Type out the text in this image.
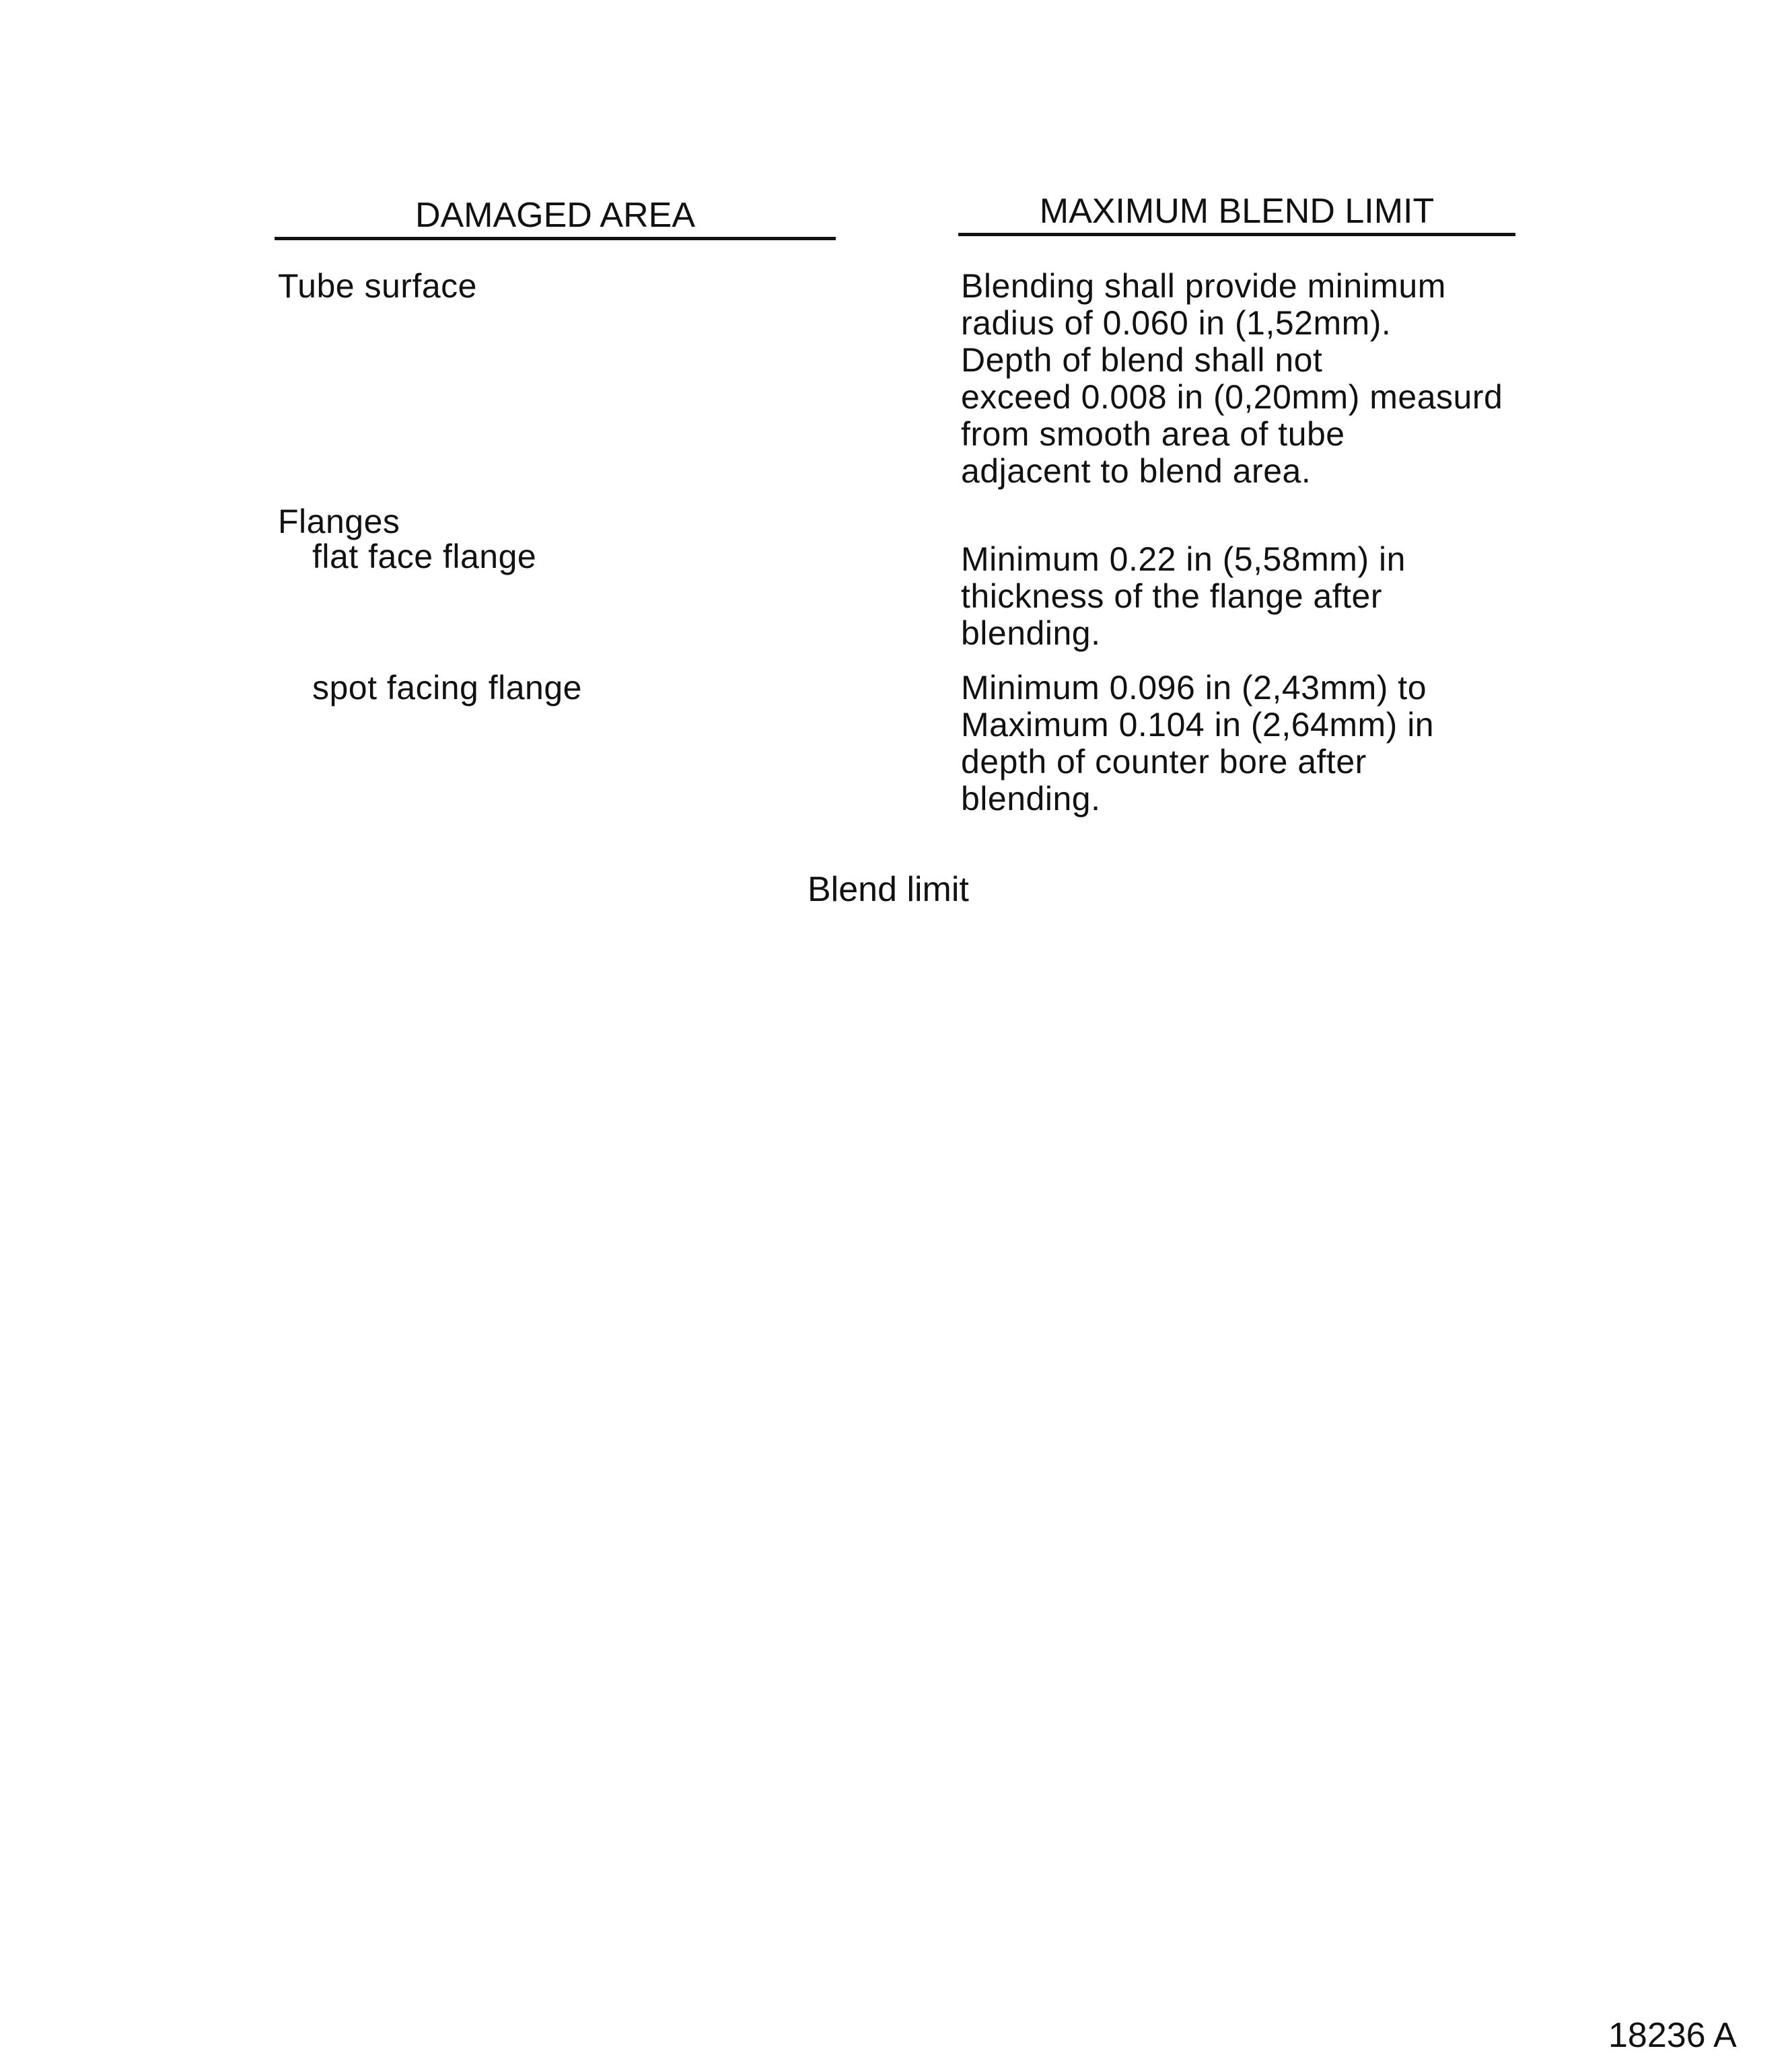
DAMAGED AREA	MAXIMUM BLEND LIMIT
Tube surface
Flanges
flat face flange
spot facing flange
Blending shall provide minimum
radius of 0.060 in (1,52mm).
Depth of blend shall not
exceed 0.008 in (0,20mm) measurd
from smooth area of tube
adjacent to blend area.
Minimum 0.22 in (5,58mm) in
thickness of the flange after
blending.
Minimum 0.096 in (2,43mm) to
Maximum 0.104 in (2,64mm) in
depth of counter bore after
blending.
Blend limit
18236 A
